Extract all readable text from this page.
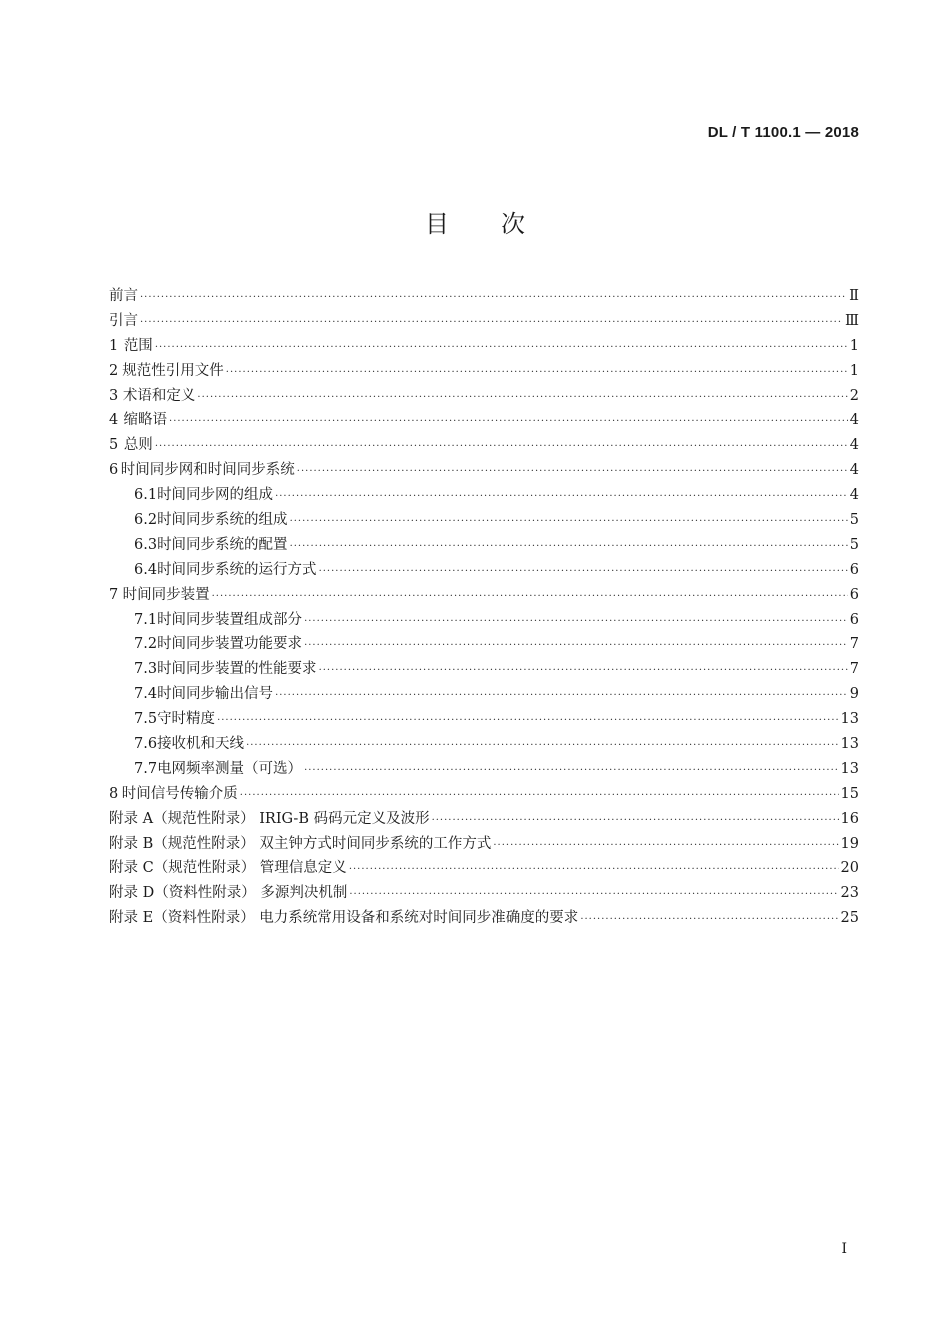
DL / T 1100.1 — 2018
目次
前言 ·····	Ⅱ
引言 ·····	Ⅲ
1 范围 ·····	1
2 规范性引用文件 ·····	1
3 术语和定义 ·····	2
4 缩略语 ·····	4
5 总则 ·····	4
6 时间同步网和时间同步系统 ·····	4
6.1 时间同步网的组成 ·····	4
6.2 时间同步系统的组成 ·····	5
6.3 时间同步系统的配置 ·····	5
6.4 时间同步系统的运行方式 ·····	6
7 时间同步装置 ·····	6
7.1 时间同步装置组成部分 ·····	6
7.2 时间同步装置功能要求 ·····	7
7.3 时间同步装置的性能要求 ·····	7
7.4 时间同步输出信号 ·····	9
7.5 守时精度 ·····	13
7.6 接收机和天线 ·····	13
7.7 电网频率测量（可选） ·····	13
8 时间信号传输介质 ·····	15
附录 A（规范性附录） IRIG-B 码码元定义及波形 ·····	16
附录 B（规范性附录） 双主钟方式时间同步系统的工作方式 ·····	19
附录 C（规范性附录） 管理信息定义 ·····	20
附录 D（资料性附录） 多源判决机制 ·····	23
附录 E（资料性附录） 电力系统常用设备和系统对时间同步准确度的要求 ·····	25
I
